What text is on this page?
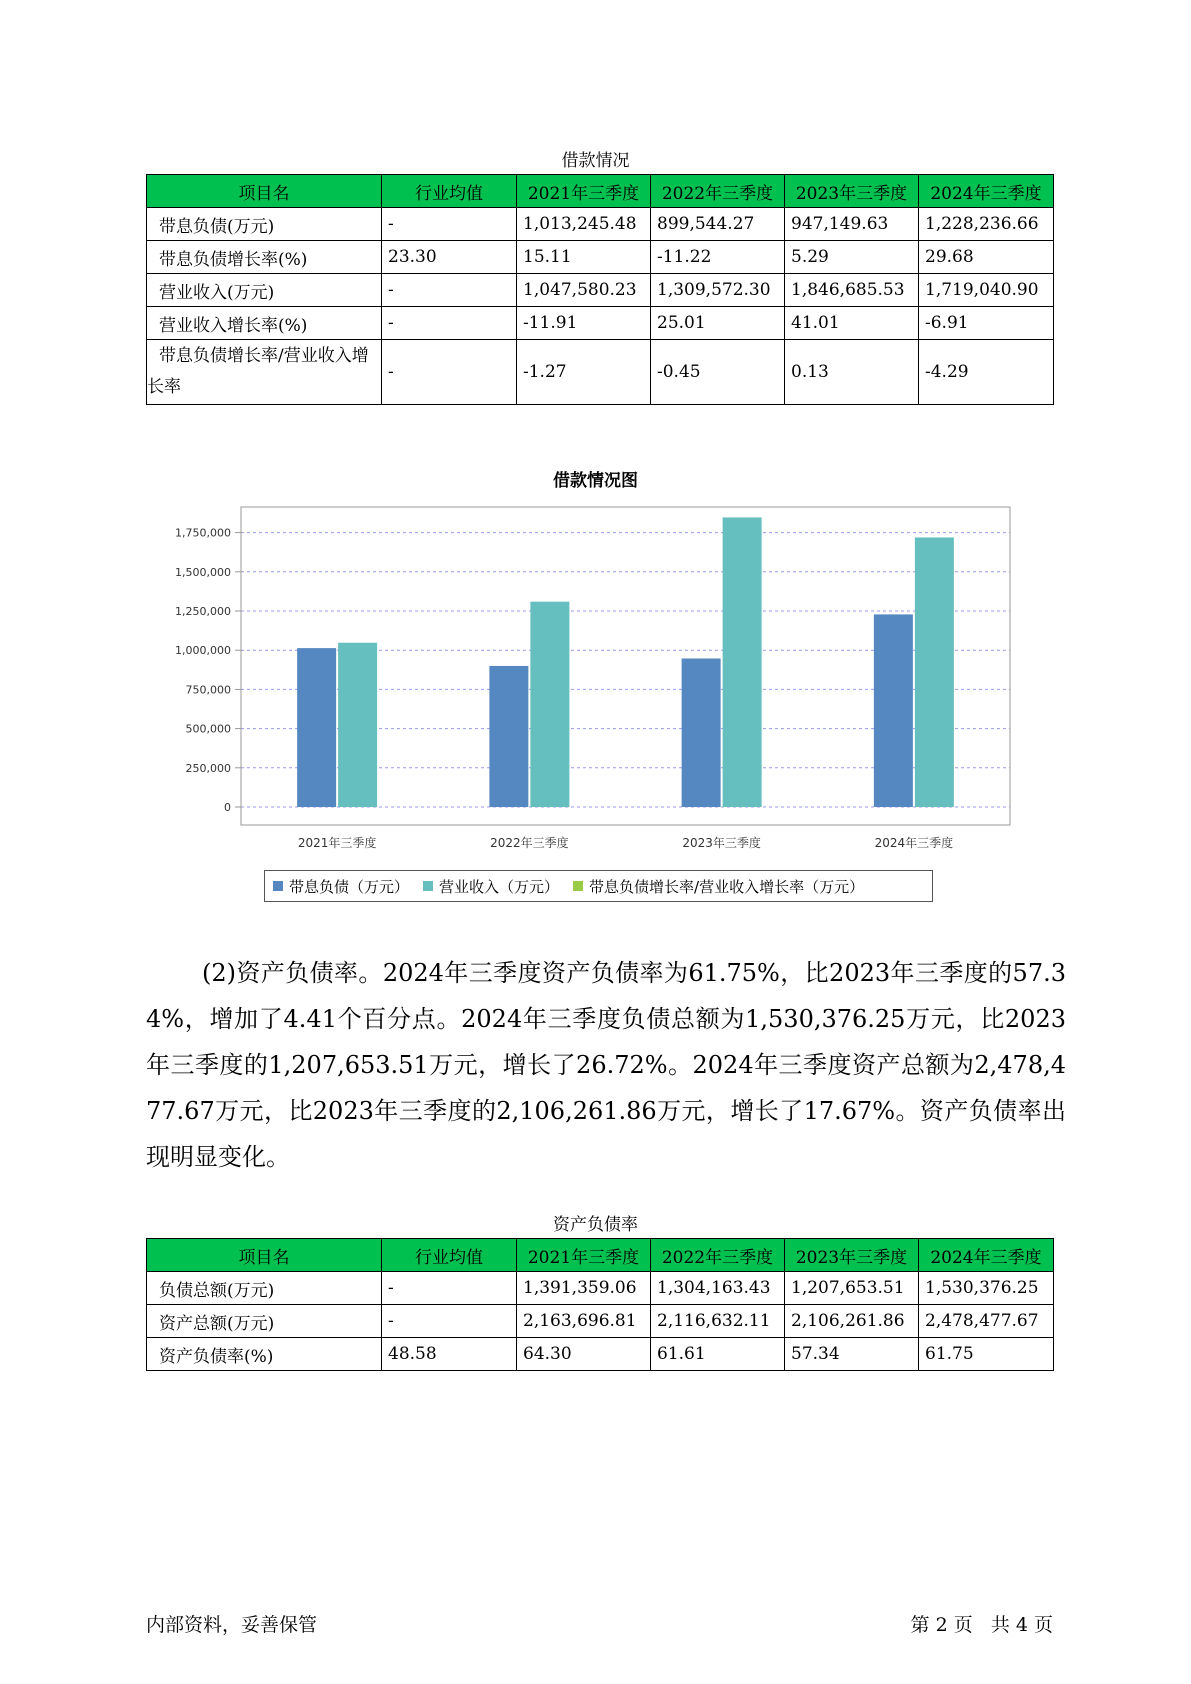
借款情况
项目名	行业均值	2021年三季度	2022年三季度	2023年三季度	2024年三季度
带息负债(万元)	-	1,013,245.48	899,544.27	947,149.63	1,228,236.66
带息负债增长率(%)	23.30	15.11	-11.22	5.29	29.68
营业收入(万元)	-	1,047,580.23	1,309,572.30	1,846,685.53	1,719,040.90
营业收入增长率(%)	-	-11.91	25.01	41.01	-6.91
带息负债增长率/营业收入增长率	-	-1.27	-0.45	0.13	-4.29
借款情况图
0
250,000
500,000
750,000
1,000,000
1,250,000
1,500,000
1,750,000
2021年三季度	2022年三季度	2023年三季度	2024年三季度
带息负债（万元） 营业收入（万元） 带息负债增长率/营业收入增长率（万元）

(2)资产负债率。2024年三季度资产负债率为61.75%，比2023年三季度的57.34%，增加了4.41个百分点。2024年三季度负债总额为1,530,376.25万元，比2023年三季度的1,207,653.51万元，增长了26.72%。2024年三季度资产总额为2,478,477.67万元，比2023年三季度的2,106,261.86万元，增长了17.67%。资产负债率出现明显变化。

资产负债率
项目名	行业均值	2021年三季度	2022年三季度	2023年三季度	2024年三季度
负债总额(万元)	-	1,391,359.06	1,304,163.43	1,207,653.51	1,530,376.25
资产总额(万元)	-	2,163,696.81	2,116,632.11	2,106,261.86	2,478,477.67
资产负债率(%)	48.58	64.30	61.61	57.34	61.75
内部资料，妥善保管	第 2 页   共 4 页
